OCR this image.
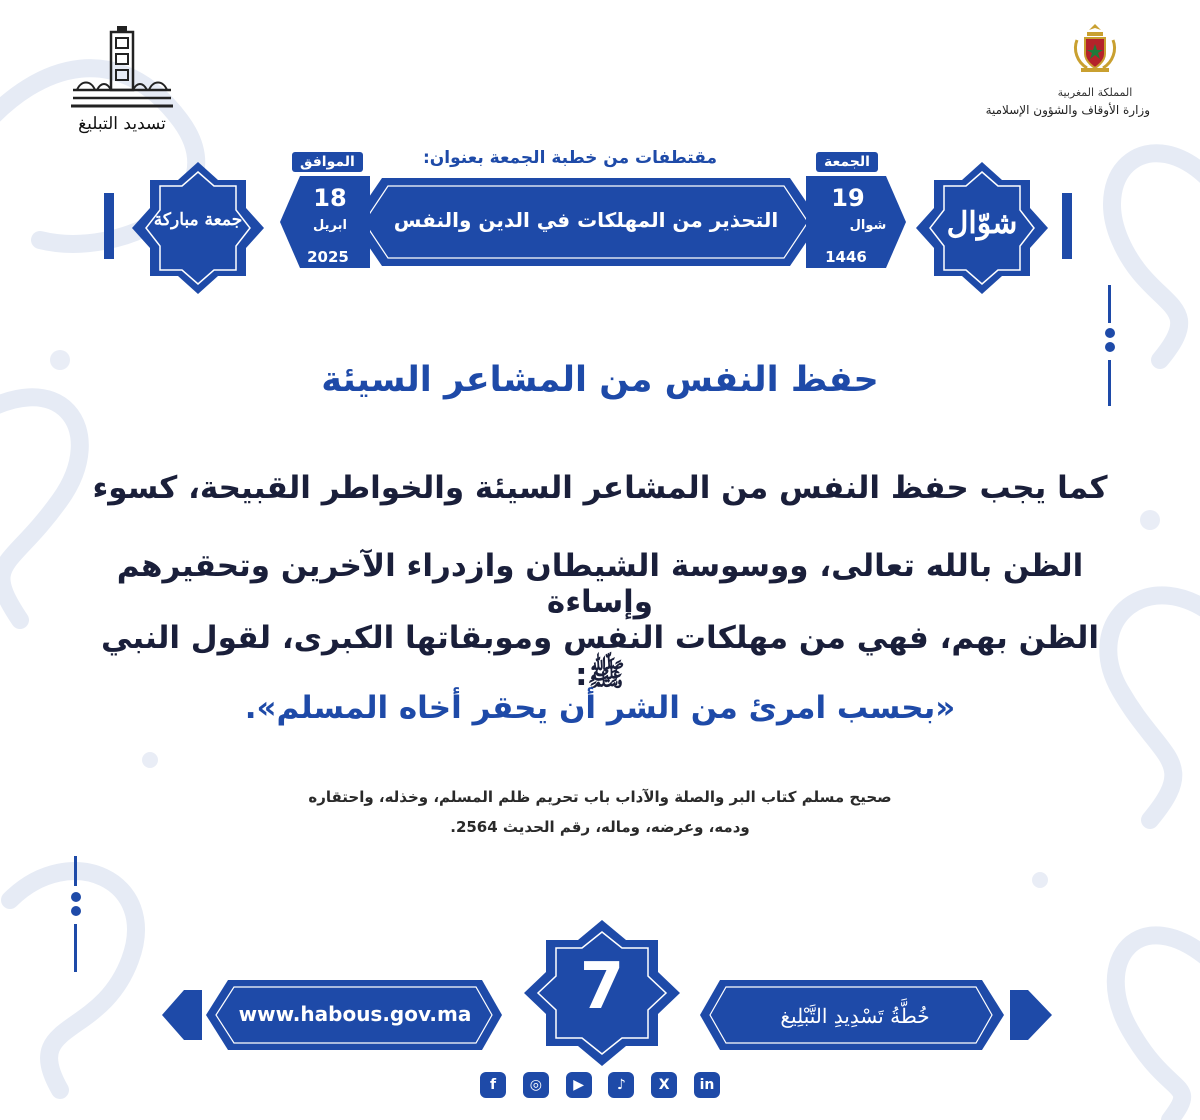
المملكة المغربية
وزارة الأوقاف والشؤون الإسلامية
تسديد التبليغ
مقتطفات من خطبة الجمعة بعنوان:
جمعة مباركة	شوّال
التحذير من المهلكات في الدين والنفس
الموافق
18
ابريل
2025
الجمعة
19
شوال
1446
حفظ النفس من المشاعر السيئة
كما يجب حفظ النفس من المشاعر السيئة والخواطر القبيحة، كسوء
الظن بالله تعالى، ووسوسة الشيطان وازدراء الآخرين وتحقيرهم وإساءة
الظن بهم، فهي من مهلكات النفس وموبقاتها الكبرى، لقول النبي ﷺ:
«بحسب امرئ من الشر أن يحقر أخاه المسلم».
صحيح مسلم كتاب البر والصلة والآداب باب تحريم ظلم المسلم، وخذله، واحتقاره
ودمه، وعرضه، وماله، رقم الحديث 2564.
www.habous.gov.ma	خُطَّةُ تَسْدِيدِ التَّبْلِيغ
7
f	◎	▶	♪	X	in
